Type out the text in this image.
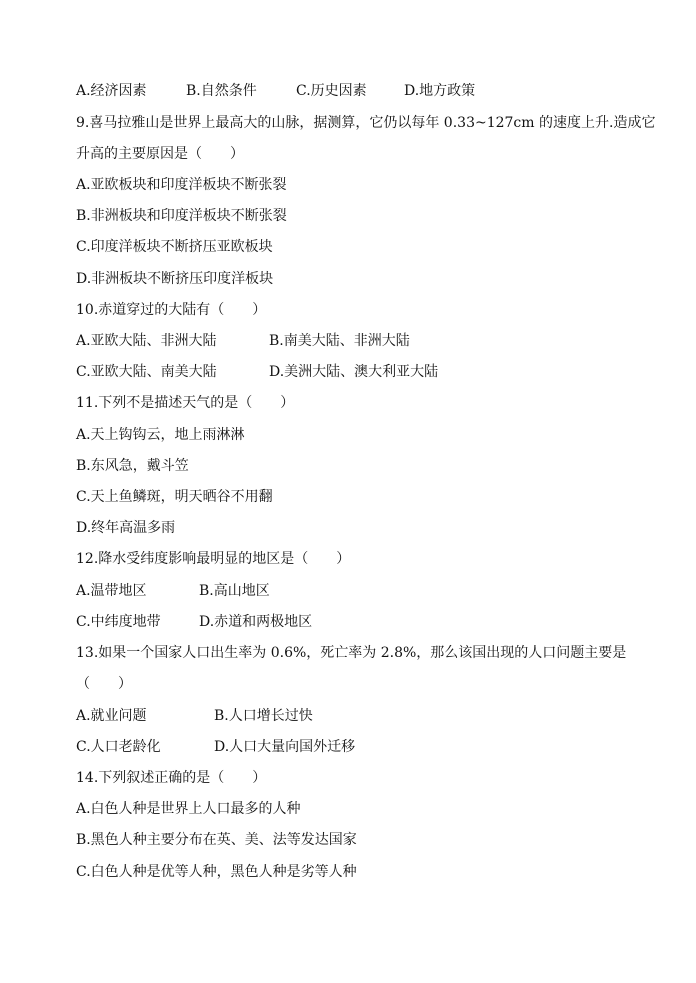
A.经济因素	B.自然条件	C.历史因素	D.地方政策
9.喜马拉雅山是世界上最高大的山脉，据测算，它仍以每年 0.33~127cm 的速度上升.造成它
升高的主要原因是（　　）
A.亚欧板块和印度洋板块不断张裂
B.非洲板块和印度洋板块不断张裂
C.印度洋板块不断挤压亚欧板块
D.非洲板块不断挤压印度洋板块
10.赤道穿过的大陆有（　　）
A.亚欧大陆、非洲大陆	B.南美大陆、非洲大陆
C.亚欧大陆、南美大陆	D.美洲大陆、澳大利亚大陆
11.下列不是描述天气的是（　　）
A.天上钩钩云，地上雨淋淋
B.东风急，戴斗笠
C.天上鱼鳞斑，明天晒谷不用翻
D.终年高温多雨
12.降水受纬度影响最明显的地区是（　　）
A.温带地区	B.高山地区
C.中纬度地带	D.赤道和两极地区
13.如果一个国家人口出生率为 0.6%，死亡率为 2.8%，那么该国出现的人口问题主要是
（　　）
A.就业问题	B.人口增长过快
C.人口老龄化	D.人口大量向国外迁移
14.下列叙述正确的是（　　）
A.白色人种是世界上人口最多的人种
B.黑色人种主要分布在英、美、法等发达国家
C.白色人种是优等人种，黑色人种是劣等人种
